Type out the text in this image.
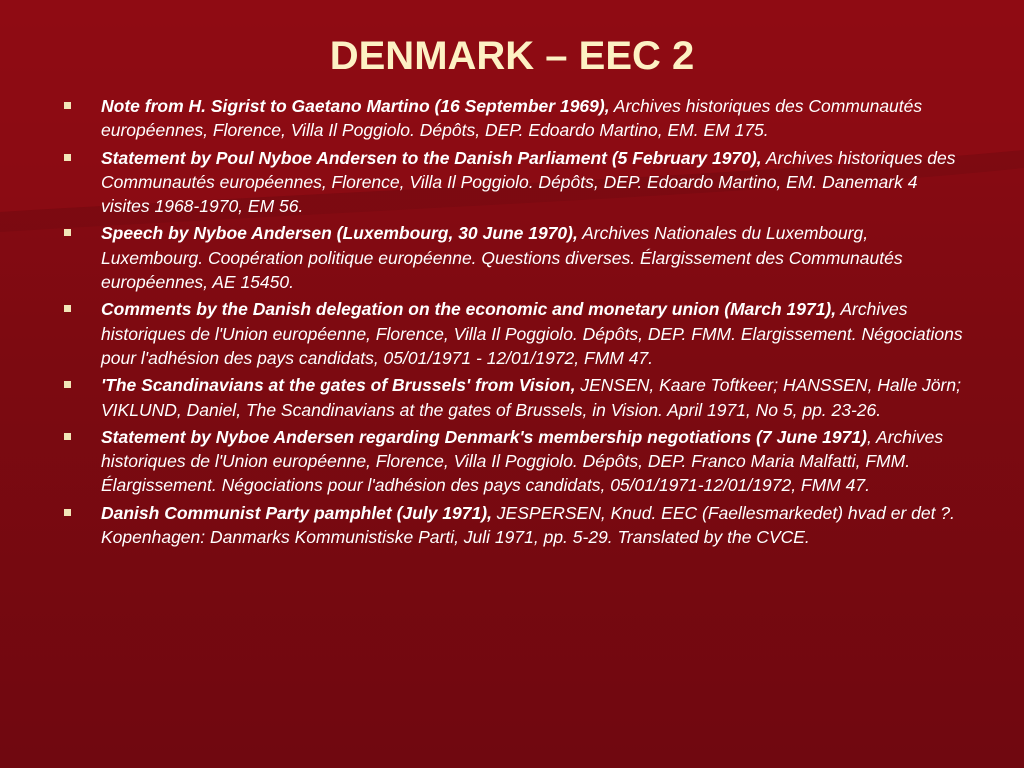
DENMARK – EEC 2
Note from H. Sigrist to Gaetano Martino (16 September 1969), Archives historiques des Communautés européennes, Florence, Villa Il Poggiolo. Dépôts, DEP. Edoardo Martino, EM. EM 175.
Statement by Poul Nyboe Andersen to the Danish Parliament (5 February 1970), Archives historiques des Communautés européennes, Florence, Villa Il Poggiolo. Dépôts, DEP. Edoardo Martino, EM. Danemark 4 visites 1968-1970, EM 56.
Speech by Nyboe Andersen (Luxembourg, 30 June 1970), Archives Nationales du Luxembourg, Luxembourg. Coopération politique européenne. Questions diverses. Élargissement des Communautés européennes, AE 15450.
Comments by the Danish delegation on the economic and monetary union (March 1971), Archives historiques de l'Union européenne, Florence, Villa Il Poggiolo. Dépôts, DEP. FMM. Elargissement. Négociations pour l'adhésion des pays candidats, 05/01/1971 - 12/01/1972, FMM 47.
'The Scandinavians at the gates of Brussels' from Vision, JENSEN, Kaare Toftkeer; HANSSEN, Halle Jörn; VIKLUND, Daniel, The Scandinavians at the gates of Brussels, in Vision. April 1971, No 5, pp. 23-26.
Statement by Nyboe Andersen regarding Denmark's membership negotiations (7 June 1971), Archives historiques de l'Union européenne, Florence, Villa Il Poggiolo. Dépôts, DEP. Franco Maria Malfatti, FMM. Élargissement. Négociations pour l'adhésion des pays candidats, 05/01/1971-12/01/1972, FMM 47.
Danish Communist Party pamphlet (July 1971), JESPERSEN, Knud. EEC (Faellesmarkedet) hvad er det ?. Kopenhagen: Danmarks Kommunistiske Parti, Juli 1971, pp. 5-29. Translated by the CVCE.
